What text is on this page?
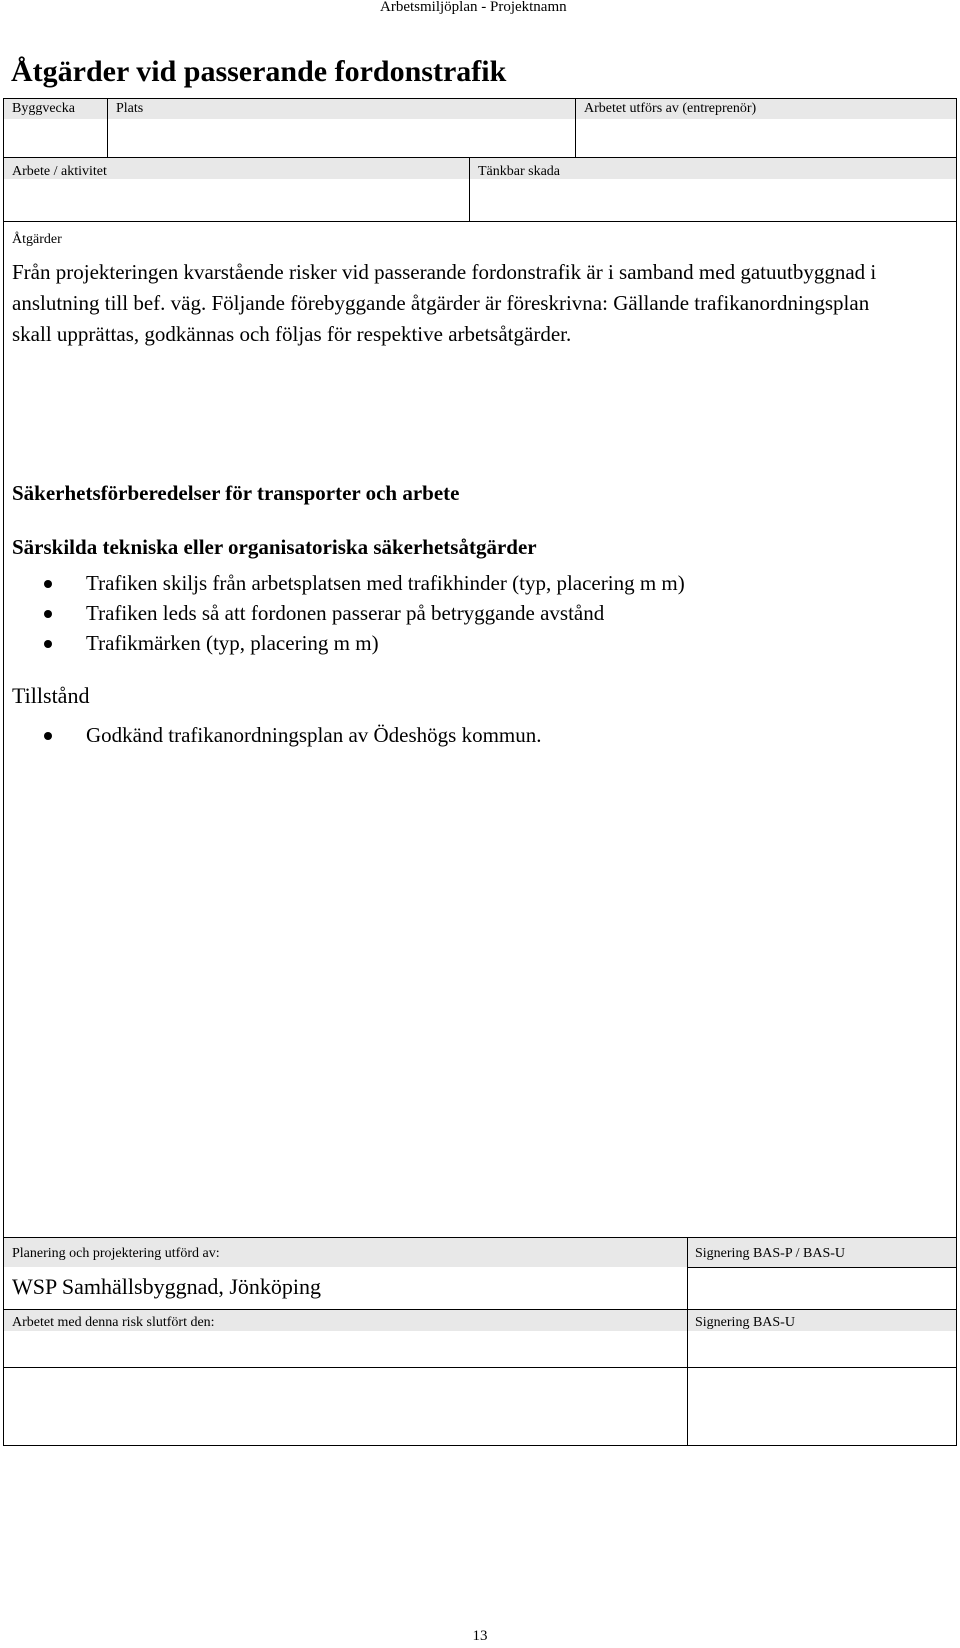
Arbetsmiljöplan - Projektnamn
Åtgärder vid passerande fordonstrafik
Byggvecka	Plats	Arbetet utförs av (entreprenör)
Arbete / aktivitet	Tänkbar skada
Åtgärder
Från projekteringen kvarstående risker vid passerande fordonstrafik är i samband med gatuutbyggnad i anslutning till bef. väg. Följande förebyggande åtgärder är föreskrivna: Gällande trafikanordningsplan skall upprättas, godkännas och följas för respektive arbetsåtgärder.
Säkerhetsförberedelser för transporter och arbete
Särskilda tekniska eller organisatoriska säkerhetsåtgärder
Trafiken skiljs från arbetsplatsen med trafikhinder (typ, placering m m)
Trafiken leds så att fordonen passerar på betryggande avstånd
Trafikmärken (typ, placering m m)
Tillstånd
Godkänd trafikanordningsplan av Ödeshögs kommun.
Planering och projektering utförd av:	Signering BAS-P / BAS-U
WSP Samhällsbyggnad, Jönköping
Arbetet med denna risk slutfört den:	Signering BAS-U
13
